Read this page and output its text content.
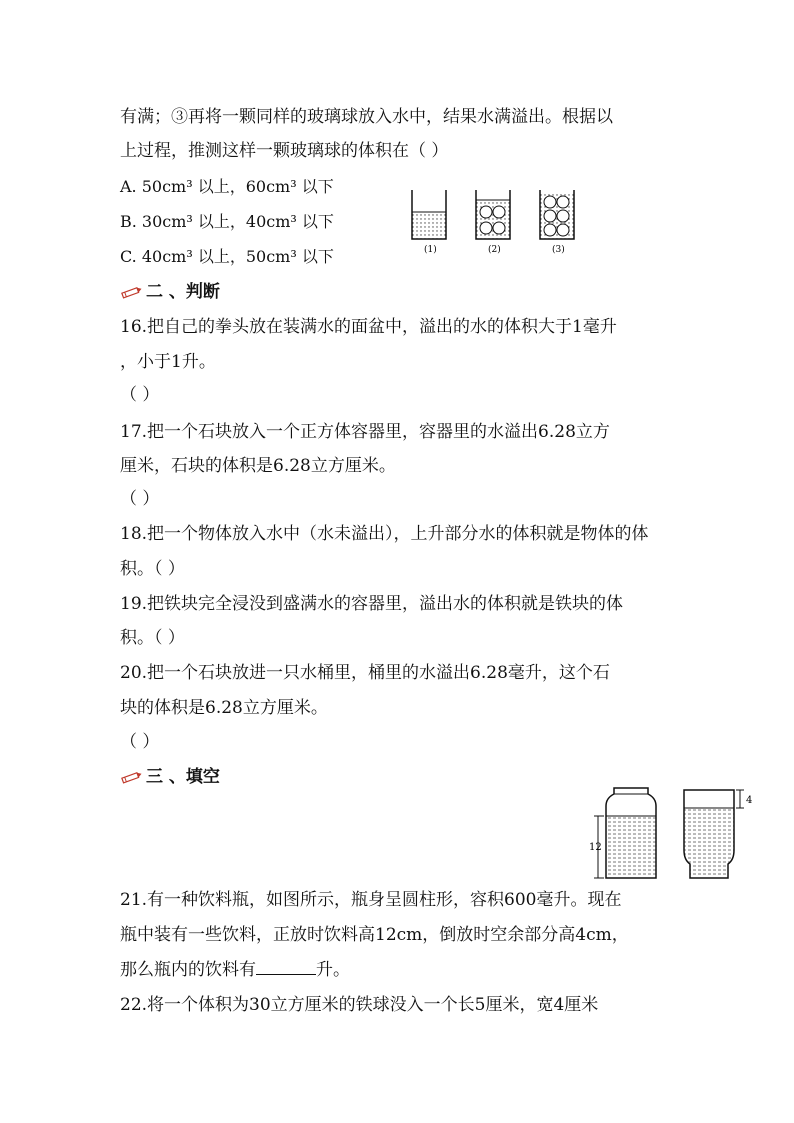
有满；③再将一颗同样的玻璃球放入水中，结果水满溢出。根据以
上过程，推测这样一颗玻璃球的体积在（ ）
A. 50cm³ 以上，60cm³ 以下
B. 30cm³ 以上，40cm³ 以下
C. 40cm³ 以上，50cm³ 以下	(1)	(2)	(3)
二 、判断
16.把自己的拳头放在装满水的面盆中，溢出的水的体积大于1毫升
，小于1升。
（ ）
17.把一个石块放入一个正方体容器里，容器里的水溢出6.28立方
厘米，石块的体积是6.28立方厘米。
（ ）
18.把一个物体放入水中（水未溢出），上升部分水的体积就是物体的体
积。（ ）
19.把铁块完全浸没到盛满水的容器里，溢出水的体积就是铁块的体
积。（ ）
20.把一个石块放进一只水桶里，桶里的水溢出6.28毫升，这个石
块的体积是6.28立方厘米。
（ ）
三 、填空
12
4
21.有一种饮料瓶，如图所示，瓶身呈圆柱形，容积600毫升。现在
瓶中装有一些饮料，正放时饮料高12cm，倒放时空余部分高4cm，
那么瓶内的饮料有	升。
22.将一个体积为30立方厘米的铁球没入一个长5厘米，宽4厘米
